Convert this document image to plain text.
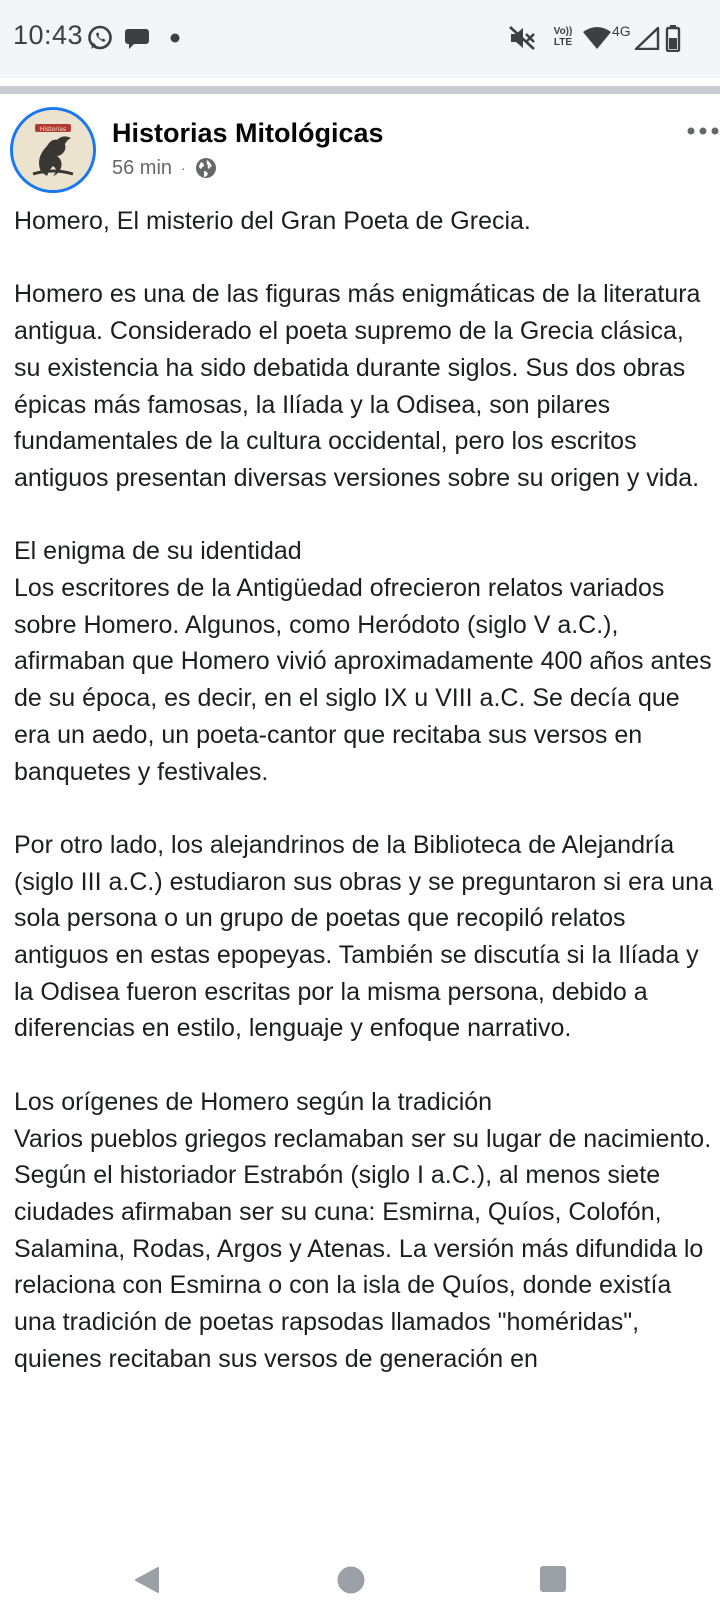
10:43	Vo)) LTE
4G
Historias Historias Mitológicas
56 min ·

Homero, El misterio del Gran Poeta de Grecia.

Homero es una de las figuras más enigmáticas de la literatura antigua. Considerado el poeta supremo de la Grecia clásica, su existencia ha sido debatida durante siglos. Sus dos obras épicas más famosas, la Ilíada y la Odisea, son pilares fundamentales de la cultura occidental, pero los escritos antiguos presentan diversas versiones sobre su origen y vida.

El enigma de su identidad
Los escritores de la Antigüedad ofrecieron relatos variados sobre Homero. Algunos, como Heródoto (siglo V a.C.), afirmaban que Homero vivió aproximadamente 400 años antes de su época, es decir, en el siglo IX u VIII a.C. Se decía que era un aedo, un poeta-cantor que recitaba sus versos en banquetes y festivales.

Por otro lado, los alejandrinos de la Biblioteca de Alejandría (siglo III a.C.) estudiaron sus obras y se preguntaron si era una sola persona o un grupo de poetas que recopiló relatos antiguos en estas epopeyas. También se discutía si la Ilíada y la Odisea fueron escritas por la misma persona, debido a diferencias en estilo, lenguaje y enfoque narrativo.

Los orígenes de Homero según la tradición
Varios pueblos griegos reclamaban ser su lugar de nacimiento. Según el historiador Estrabón (siglo I a.C.), al menos siete ciudades afirmaban ser su cuna: Esmirna, Quíos, Colofón, Salamina, Rodas, Argos y Atenas. La versión más difundida lo relaciona con Esmirna o con la isla de Quíos, donde existía una tradición de poetas rapsodas llamados "homéridas", quienes recitaban sus versos de generación en
